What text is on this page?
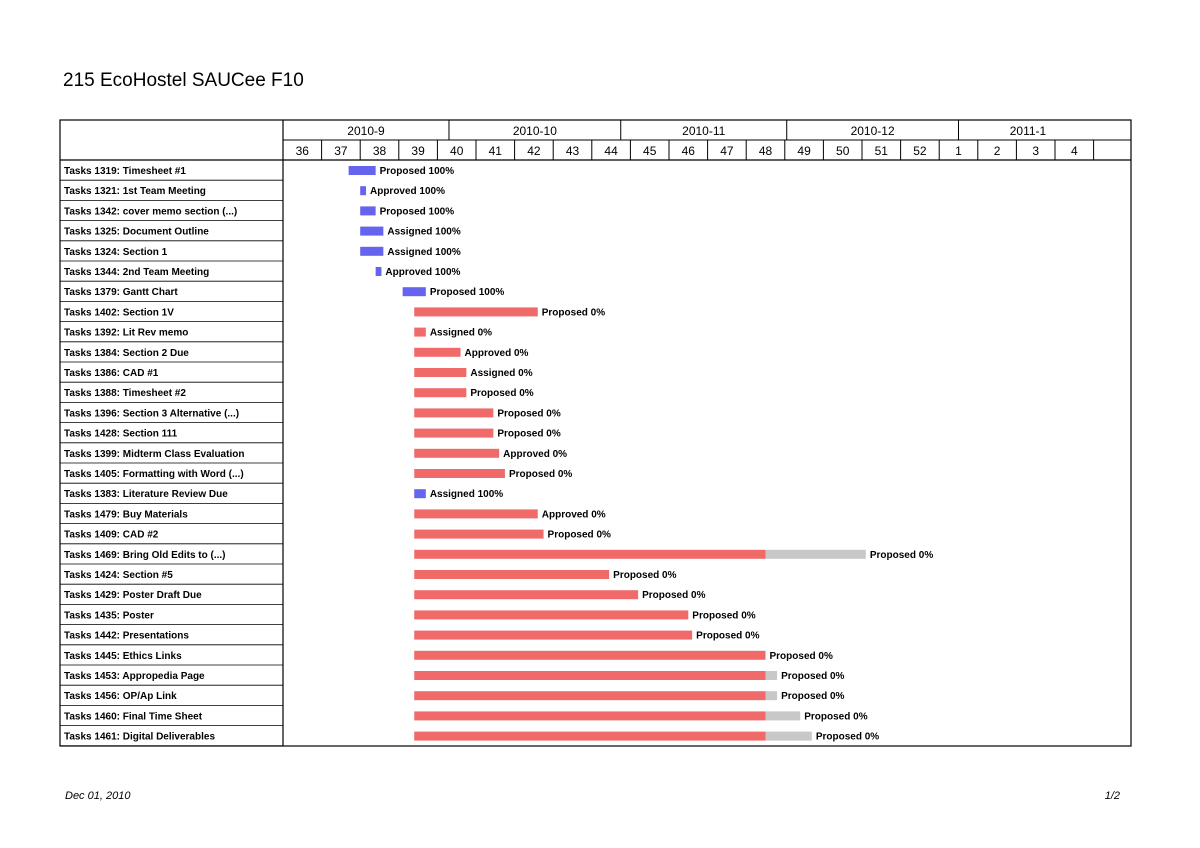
215 EcoHostel SAUCee F10
2010-9	2010-10	2010-11	2010-12	2011-1
36 37 38 39 40 41 42 43 44 45 46 47 48 49 50 51 52 1	2	3	4
Tasks 1319: Timesheet #1	Proposed 100%
Tasks 1321: 1st Team Meeting	Approved 100%
Tasks 1342: cover memo section (...)	Proposed 100%
Tasks 1325: Document Outline	Assigned 100%
Tasks 1324: Section 1	Assigned 100%
Tasks 1344: 2nd Team Meeting	Approved 100%
Tasks 1379: Gantt Chart	Proposed 100%
Tasks 1402: Section 1V	Proposed 0%
Tasks 1392: Lit Rev memo	Assigned 0%
Tasks 1384: Section 2 Due	Approved 0%
Tasks 1386: CAD #1	Assigned 0%
Tasks 1388: Timesheet #2	Proposed 0%
Tasks 1396: Section 3 Alternative (...)	Proposed 0%
Tasks 1428: Section 111	Proposed 0%
Tasks 1399: Midterm Class Evaluation	Approved 0%
Tasks 1405: Formatting with Word (...)	Proposed 0%
Tasks 1383: Literature Review Due	Assigned 100%
Tasks 1479: Buy Materials	Approved 0%
Tasks 1409: CAD #2	Proposed 0%
Tasks 1469: Bring Old Edits to (...)	Proposed 0%
Tasks 1424: Section #5	Proposed 0%
Tasks 1429: Poster Draft Due	Proposed 0%
Tasks 1435: Poster	Proposed 0%
Tasks 1442: Presentations	Proposed 0%
Tasks 1445: Ethics Links	Proposed 0%
Tasks 1453: Appropedia Page	Proposed 0%
Tasks 1456: OP/Ap Link	Proposed 0%
Tasks 1460: Final Time Sheet	Proposed 0%
Tasks 1461: Digital Deliverables	Proposed 0%
Dec 01, 2010	1/2
